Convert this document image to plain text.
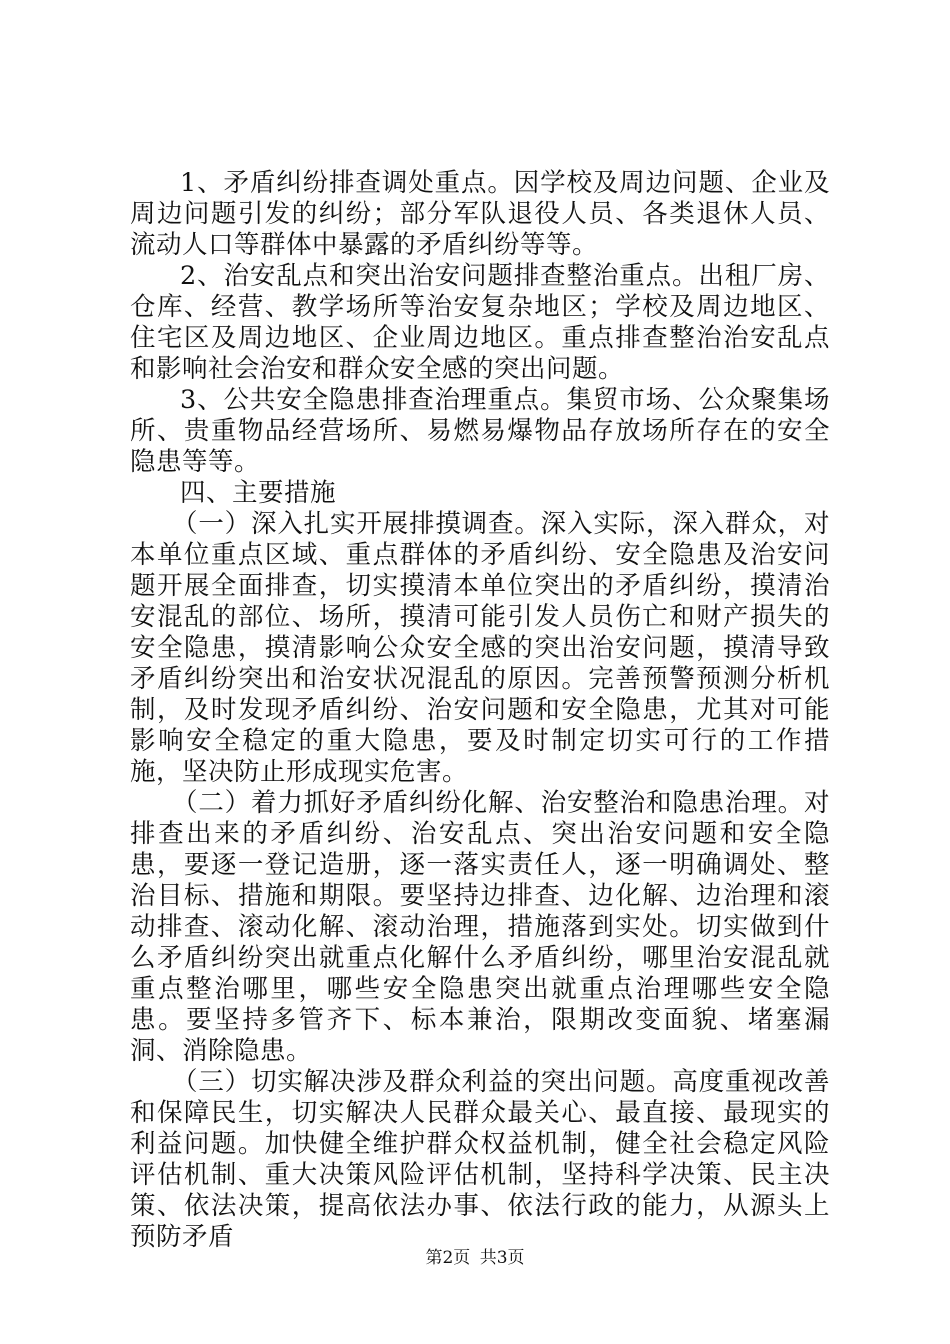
1、矛盾纠纷排查调处重点。因学校及周边问题、企业及周边问题引发的纠纷；部分军队退役人员、各类退休人员、流动人口等群体中暴露的矛盾纠纷等等。

2、治安乱点和突出治安问题排查整治重点。出租厂房、仓库、经营、教学场所等治安复杂地区；学校及周边地区、住宅区及周边地区、企业周边地区。重点排查整治治安乱点和影响社会治安和群众安全感的突出问题。

3、公共安全隐患排查治理重点。集贸市场、公众聚集场所、贵重物品经营场所、易燃易爆物品存放场所存在的安全隐患等等。

四、主要措施

（一）深入扎实开展排摸调查。深入实际，深入群众，对本单位重点区域、重点群体的矛盾纠纷、安全隐患及治安问题开展全面排查，切实摸清本单位突出的矛盾纠纷，摸清治安混乱的部位、场所，摸清可能引发人员伤亡和财产损失的安全隐患，摸清影响公众安全感的突出治安问题，摸清导致矛盾纠纷突出和治安状况混乱的原因。完善预警预测分析机制，及时发现矛盾纠纷、治安问题和安全隐患，尤其对可能影响安全稳定的重大隐患，要及时制定切实可行的工作措施，坚决防止形成现实危害。

（二）着力抓好矛盾纠纷化解、治安整治和隐患治理。对排查出来的矛盾纠纷、治安乱点、突出治安问题和安全隐患，要逐一登记造册，逐一落实责任人，逐一明确调处、整治目标、措施和期限。要坚持边排查、边化解、边治理和滚动排查、滚动化解、滚动治理，措施落到实处。切实做到什么矛盾纠纷突出就重点化解什么矛盾纠纷，哪里治安混乱就重点整治哪里，哪些安全隐患突出就重点治理哪些安全隐患。要坚持多管齐下、标本兼治，限期改变面貌、堵塞漏洞、消除隐患。

（三）切实解决涉及群众利益的突出问题。高度重视改善和保障民生，切实解决人民群众最关心、最直接、最现实的利益问题。加快健全维护群众权益机制，健全社会稳定风险评估机制、重大决策风险评估机制，坚持科学决策、民主决策、依法决策，提高依法办事、依法行政的能力，从源头上预防矛盾

第2页 共3页
